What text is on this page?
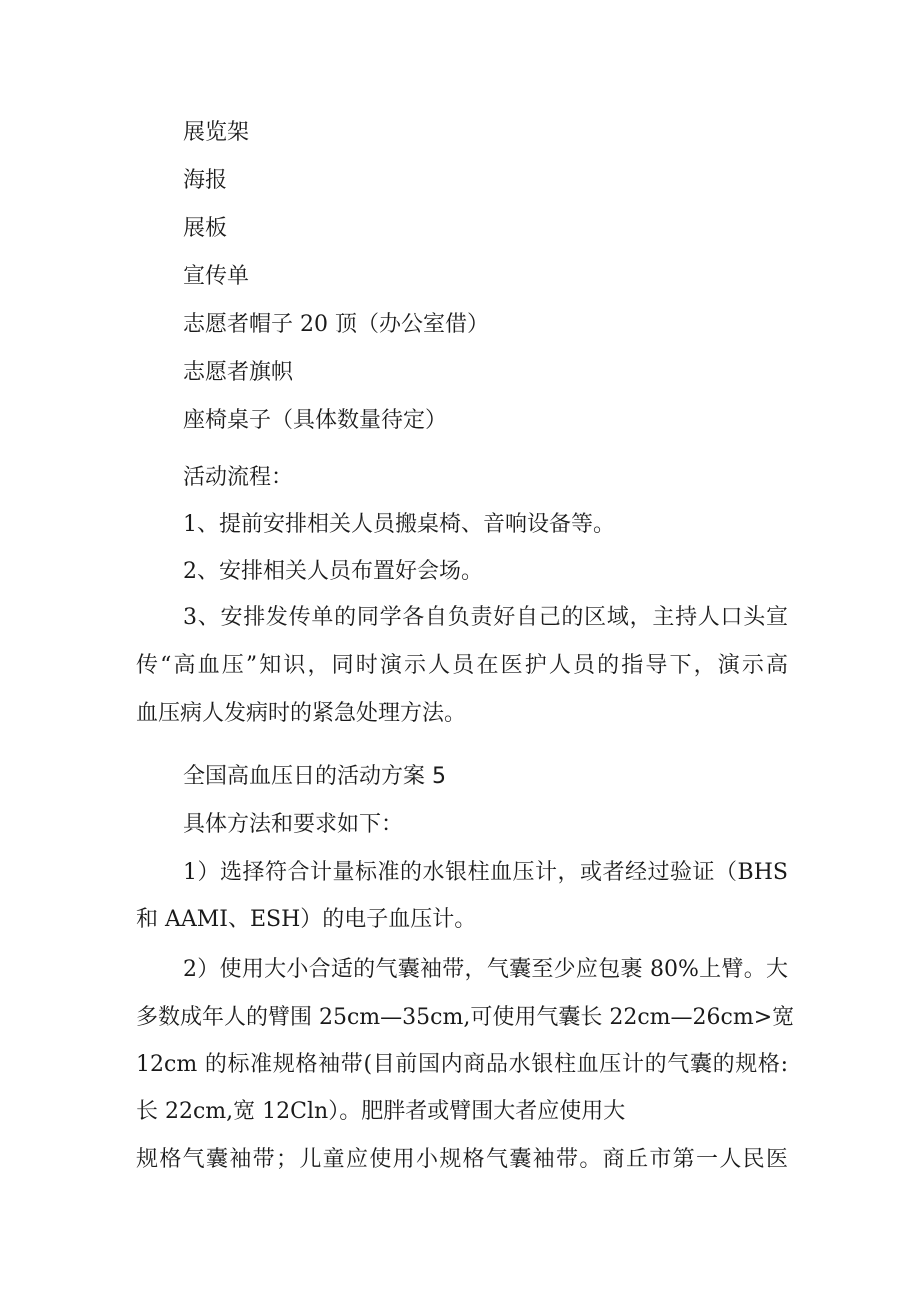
展览架

海报

展板

宣传单

志愿者帽子 20 顶（办公室借）

志愿者旗帜

座椅桌子（具体数量待定）

活动流程：

1、提前安排相关人员搬桌椅、音响设备等。

2、安排相关人员布置好会场。

3、安排发传单的同学各自负责好自己的区域，主持人口头宣

传“高血压”知识，同时演示人员在医护人员的指导下，演示高

血压病人发病时的紧急处理方法。

全国高血压日的活动方案 5

具体方法和要求如下：

1）选择符合计量标准的水银柱血压计，或者经过验证（BHS

和 AAMI、ESH）的电子血压计。

2）使用大小合适的气囊袖带，气囊至少应包裹 80%上臂。大

多数成年人的臂围 25cm—35cm,可使用气囊长 22cm—26cm>宽

12cm 的标准规格袖带(目前国内商品水银柱血压计的气囊的规格:

长 22cm,宽 12Cln）。肥胖者或臂围大者应使用大

规格气囊袖带；儿童应使用小规格气囊袖带。商丘市第一人民医
